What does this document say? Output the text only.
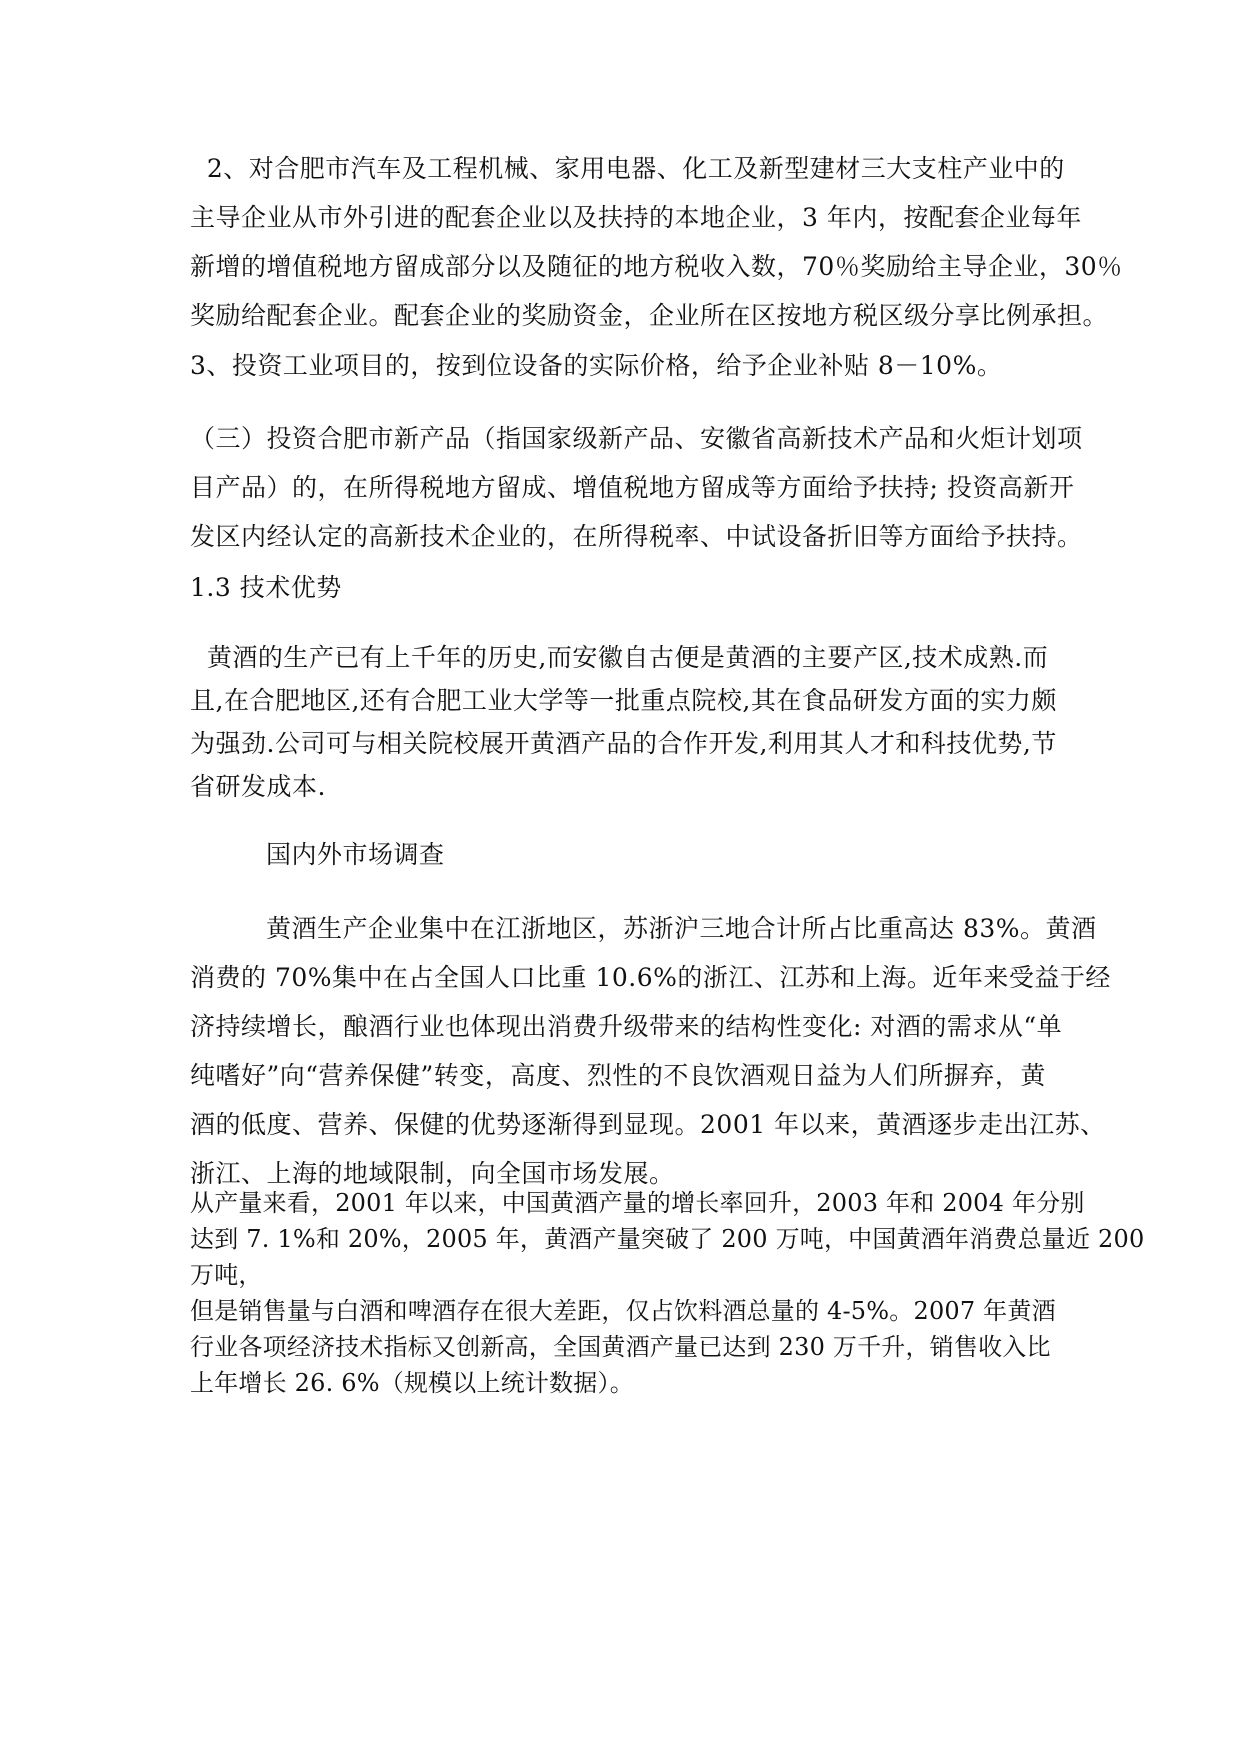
2、对合肥市汽车及工程机械、家用电器、化工及新型建材三大支柱产业中的
主导企业从市外引进的配套企业以及扶持的本地企业，3 年内，按配套企业每年
新增的增值税地方留成部分以及随征的地方税收入数，70％奖励给主导企业，30％
奖励给配套企业。配套企业的奖励资金，企业所在区按地方税区级分享比例承担。
3、投资工业项目的，按到位设备的实际价格，给予企业补贴 8－10%。
（三）投资合肥市新产品（指国家级新产品、安徽省高新技术产品和火炬计划项
目产品）的，在所得税地方留成、增值税地方留成等方面给予扶持; 投资高新开
发区内经认定的高新技术企业的，在所得税率、中试设备折旧等方面给予扶持。
1.3 技术优势
黄酒的生产已有上千年的历史,而安徽自古便是黄酒的主要产区,技术成熟.而
且,在合肥地区,还有合肥工业大学等一批重点院校,其在食品研发方面的实力颇
为强劲.公司可与相关院校展开黄酒产品的合作开发,利用其人才和科技优势,节
省研发成本.
国内外市场调查
黄酒生产企业集中在江浙地区，苏浙沪三地合计所占比重高达 83%。黄酒
消费的 70%集中在占全国人口比重 10.6%的浙江、江苏和上海。近年来受益于经
济持续增长，酿酒行业也体现出消费升级带来的结构性变化: 对酒的需求从“单
纯嗜好”向“营养保健”转变，高度、烈性的不良饮酒观日益为人们所摒弃，黄
酒的低度、营养、保健的优势逐渐得到显现。2001 年以来，黄酒逐步走出江苏、
浙江、上海的地域限制，向全国市场发展。
从产量来看，2001 年以来，中国黄酒产量的增长率回升，2003 年和 2004 年分别
达到 7. 1%和 20%，2005 年，黄酒产量突破了 200 万吨，中国黄酒年消费总量近 200
万吨，
但是销售量与白酒和啤酒存在很大差距，仅占饮料酒总量的 4-5%。2007 年黄酒
行业各项经济技术指标又创新高，全国黄酒产量已达到 230 万千升，销售收入比
上年增长 26. 6%（规模以上统计数据）。
